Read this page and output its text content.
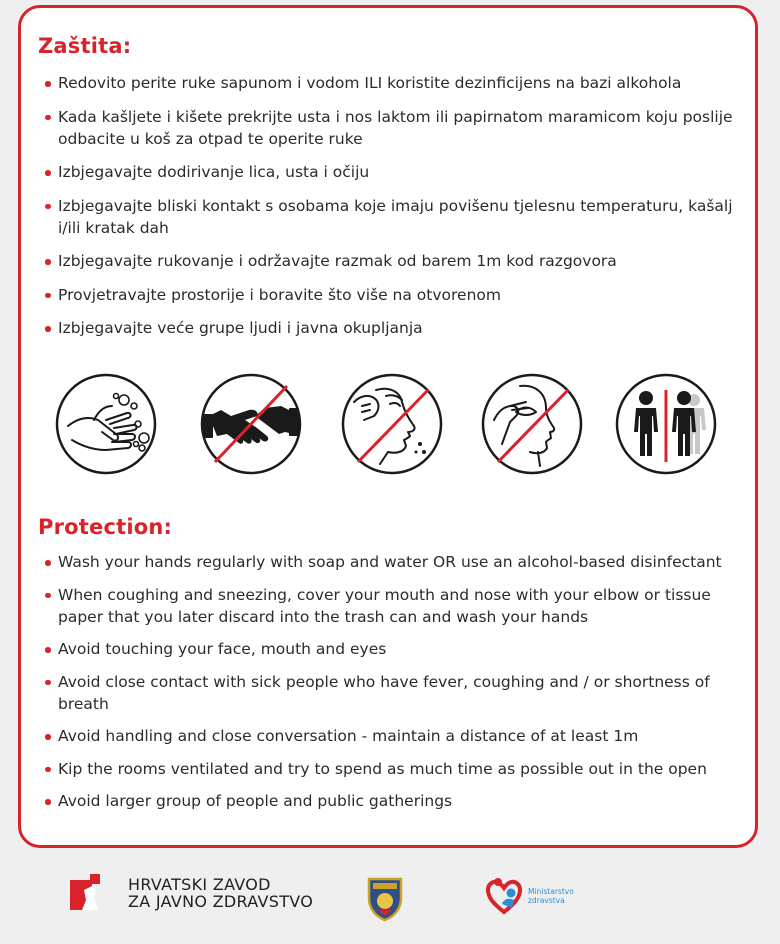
Zaštita:
Redovito perite ruke sapunom i vodom ILI koristite dezinficijens na bazi alkohola
Kada kašljete i kišete prekrijte usta i nos laktom ili papirnatom maramicom koju poslije odbacite u koš za otpad te operite ruke
Izbjegavajte dodirivanje lica, usta i očiju
Izbjegavajte bliski kontakt s osobama koje imaju povišenu tjelesnu temperaturu, kašalj i/ili kratak dah
Izbjegavajte rukovanje i održavajte razmak od barem 1m kod razgovora
Provjetravajte prostorije i boravite što više na otvorenom
Izbjegavajte veće grupe ljudi i javna okupljanja
Protection:
Wash your hands regularly with soap and water OR use an alcohol-based disinfectant
When coughing and sneezing, cover your mouth and nose with your elbow or tissue paper that you later discard into the trash can and wash your hands
Avoid touching your face, mouth and eyes
Avoid close contact with sick people who have fever, coughing and / or shortness of breath
Avoid handling and close conversation - maintain a distance of at least 1m
Kip the rooms ventilated and try to spend as much time as possible out in the open
Avoid larger group of people and public gatherings
HRVATSKI ZAVOD
ZA JAVNO ZDRAVSTVO
Ministarstvo
zdravstva
